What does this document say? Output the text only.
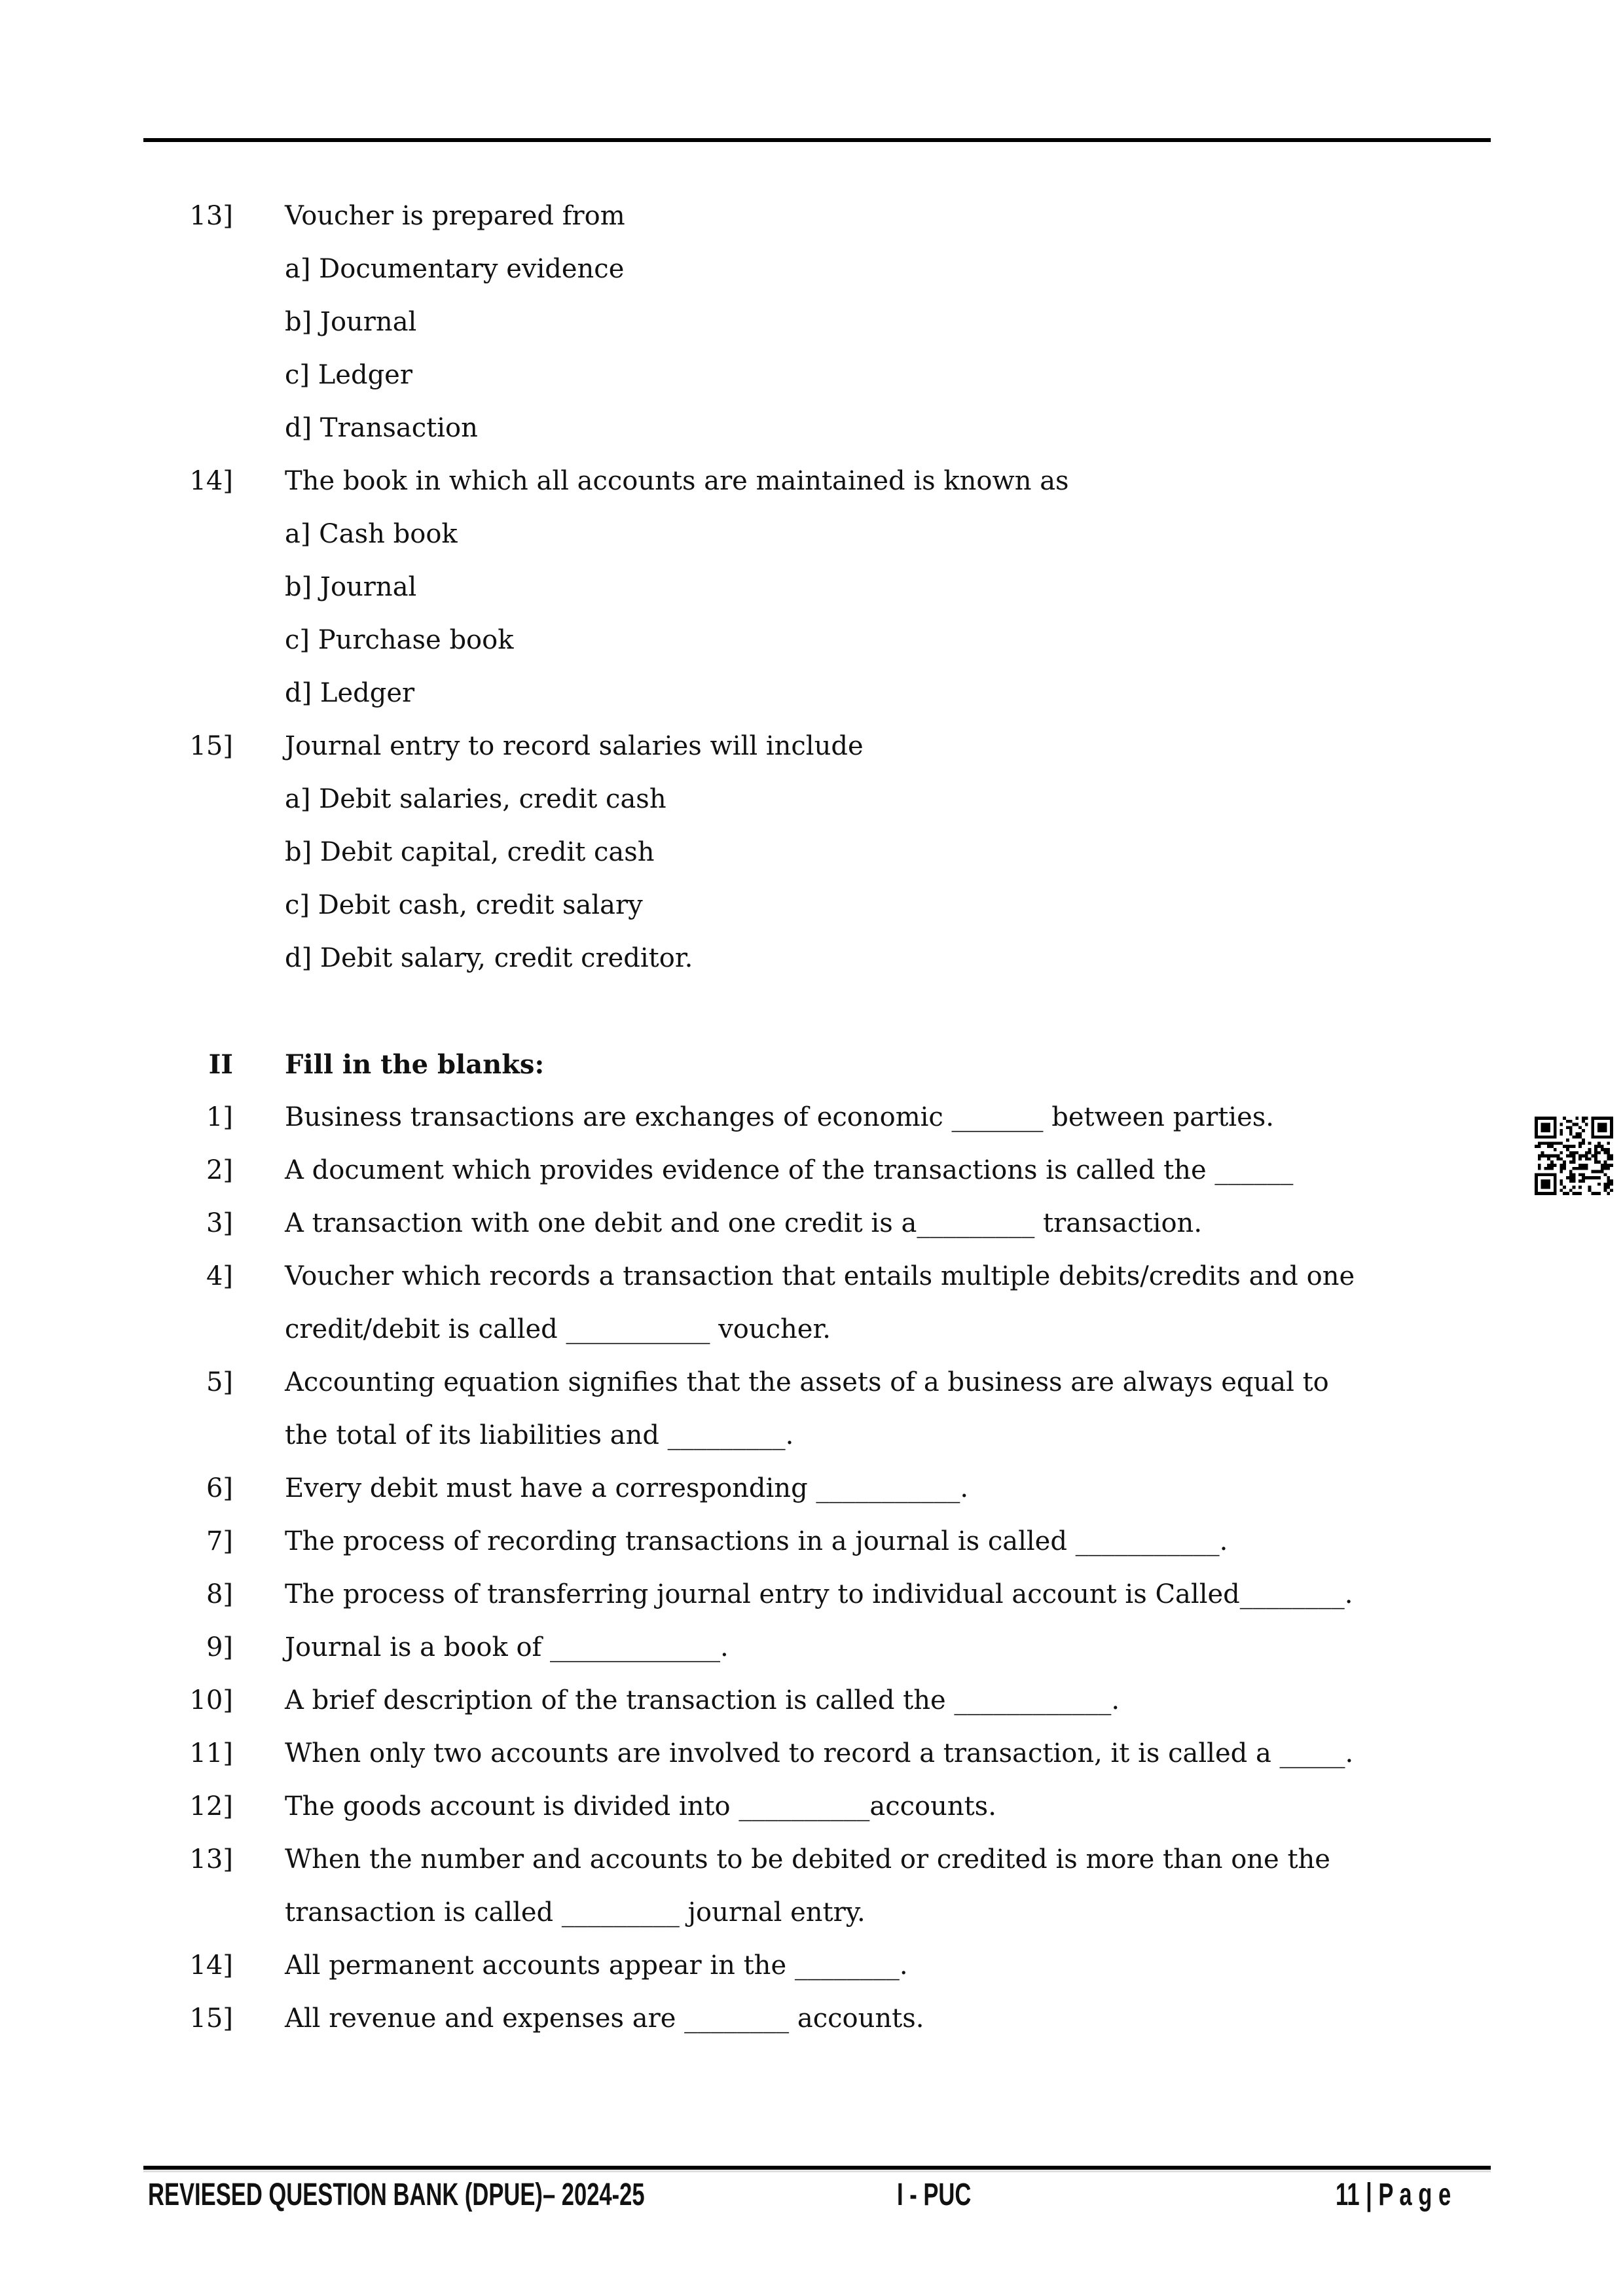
13] Voucher is prepared from
a] Documentary evidence
b] Journal
c] Ledger
d] Transaction
14] The book in which all accounts are maintained is known as
a] Cash book
b] Journal
c] Purchase book
d] Ledger
15] Journal entry to record salaries will include
a] Debit salaries, credit cash
b] Debit capital, credit cash
c] Debit cash, credit salary
d] Debit salary, credit creditor.
II Fill in the blanks:
1] Business transactions are exchanges of economic _______ between parties.
2] A document which provides evidence of the transactions is called the ______
3] A transaction with one debit and one credit is a_________ transaction.
4] Voucher which records a transaction that entails multiple debits/credits and one
credit/debit is called ___________ voucher.
5] Accounting equation signifies that the assets of a business are always equal to
the total of its liabilities and _________.
6] Every debit must have a corresponding ___________.
7] The process of recording transactions in a journal is called ___________.
8] The process of transferring journal entry to individual account is Called________.
9] Journal is a book of _____________.
10] A brief description of the transaction is called the ____________.
11] When only two accounts are involved to record a transaction, it is called a _____.
12] The goods account is divided into __________accounts.
13] When the number and accounts to be debited or credited is more than one the
transaction is called _________ journal entry.
14] All permanent accounts appear in the ________.
15] All revenue and expenses are ________ accounts.
REVIESED QUESTION BANK (DPUE)– 2024-25	I - PUC	11 | P a g e
